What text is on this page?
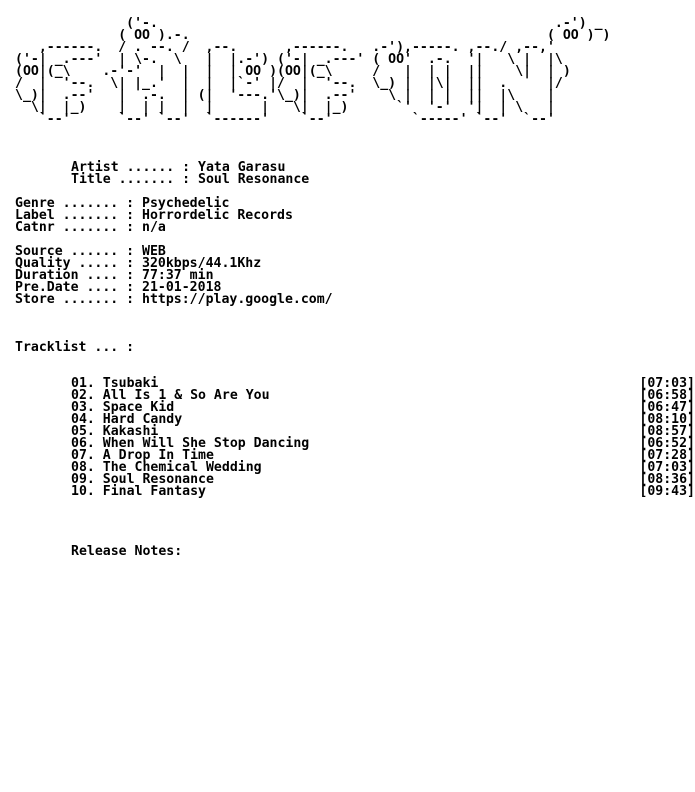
('-.                                                  .-') _
( OO ).-.                                             ( OO ) )
,------.  / . --. /  ,--.      ,------.   .-'),-----. ,--./ ,--,'
('-| _.---'  | \-.  \   |  |.-') ('-| _.---' ( OO'  .-.  '|   \ |  |\
(OO|(_\    .-'-'  |  |  |  | OO )(OO|(_\     /   |  | |  ||    \|  | )
/  |  '--.  \| |_.'  |  |  |`-' |/  |  '--.  \_) |  |\|  ||  .     |/
\_)|  .--'   |  .-.  | (|  '---.'\_)|  .--'    \ |  | |  ||  |\    |
\|  |_)    |  | |  |  |      |   \|  |_)      `'  '-'  '|  | \   |
`--'      `--' `--'  `------'    `--'          `-----' `--'  `--'
Artist ...... : Yata Garasu
Title ....... : Soul Resonance
Genre ....... : Psychedelic
Label ....... : Horrordelic Records
Catnr ....... : n/a
Source ...... : WEB
Quality ..... : 320kbps/44.1Khz
Duration .... : 77:37 min
Pre.Date .... : 21-01-2018
Store ....... : https://play.google.com/
Tracklist ... :
01. Tsubaki	[07:03]
02. All Is 1 & So Are You	[06:58]
03. Space Kid	[06:47]
04. Hard Candy	[08:10]
05. Kakashi	[08:57]
06. When Will She Stop Dancing	[06:52]
07. A Drop In Time	[07:28]
08. The Chemical Wedding	[07:03]
09. Soul Resonance	[08:36]
10. Final Fantasy	[09:43]
Release Notes:
